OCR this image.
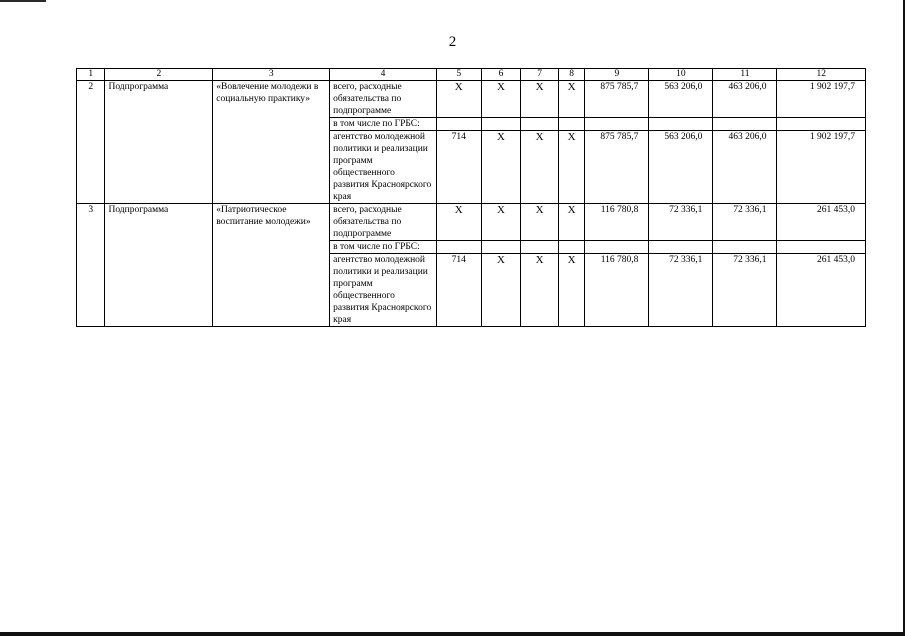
2
1	2	3	4	5	6	7	8	9	10	11	12
2	Подпрограмма	«Вовлечение молодежи в социальную практику»	всего, расходные обязательства по подпрограмме	X	X	X	X	875 785,7	563 206,0	463 206,0	1 902 197,7
			в том числе по ГРБС:								
			агентство молодежной политики и реализации программ общественного развития Красноярского края	714	X	X	X	875 785,7	563 206,0	463 206,0	1 902 197,7
3	Подпрограмма	«Патриотическое воспитание молодежи»	всего, расходные обязательства по подпрограмме	X	X	X	X	116 780,8	72 336,1	72 336,1	261 453,0
			в том числе по ГРБС:								
			агентство молодежной политики и реализации программ общественного развития Красноярского края	714	X	X	X	116 780,8	72 336,1	72 336,1	261 453,0
